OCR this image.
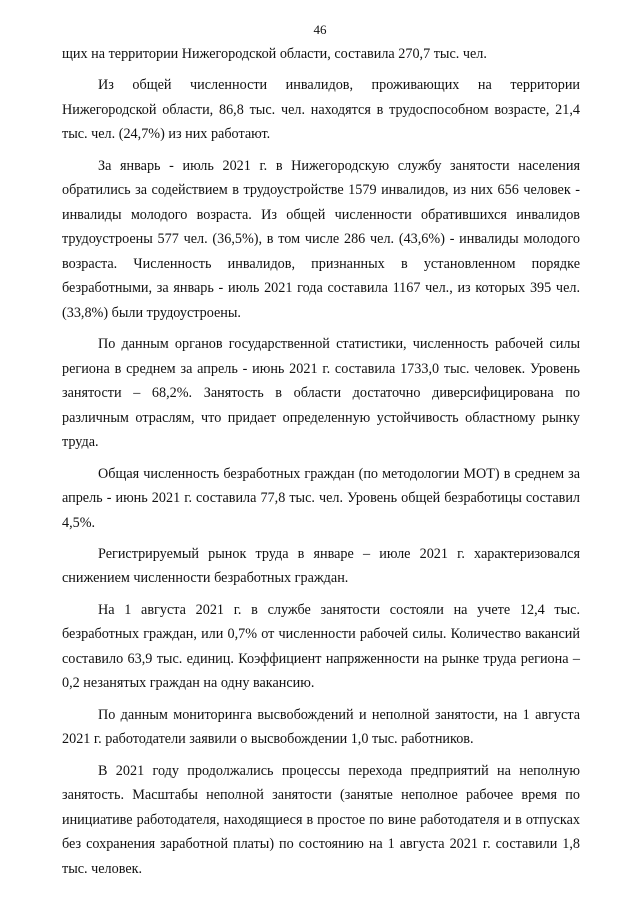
46

щих на территории Нижегородской области, составила 270,7 тыс. чел.

Из общей численности инвалидов, проживающих на территории Нижегородской области, 86,8 тыс. чел. находятся в трудоспособном возрасте, 21,4 тыс. чел. (24,7%) из них работают.

За январь - июль 2021 г. в Нижегородскую службу занятости населения обратились за содействием в трудоустройстве 1579 инвалидов, из них 656 человек - инвалиды молодого возраста. Из общей численности обратившихся инвалидов трудоустроены 577 чел. (36,5%), в том числе 286 чел. (43,6%) - инвалиды молодого возраста. Численность инвалидов, признанных в установленном порядке безработными, за январь - июль 2021 года составила 1167 чел., из которых 395 чел. (33,8%) были трудоустроены.

По данным органов государственной статистики, численность рабочей силы региона в среднем за апрель - июнь 2021 г. составила 1733,0 тыс. человек. Уровень занятости – 68,2%. Занятость в области достаточно диверсифицирована по различным отраслям, что придает определенную устойчивость областному рынку труда.

Общая численность безработных граждан (по методологии МОТ) в среднем за апрель - июнь 2021 г. составила 77,8 тыс. чел. Уровень общей безработицы составил 4,5%.

Регистрируемый рынок труда в январе – июле 2021 г. характеризовался снижением численности безработных граждан.

На 1 августа 2021 г. в службе занятости состояли на учете 12,4 тыс. безработных граждан, или 0,7% от численности рабочей силы. Количество вакансий составило 63,9 тыс. единиц. Коэффициент напряженности на рынке труда региона – 0,2 незанятых граждан на одну вакансию.

По данным мониторинга высвобождений и неполной занятости, на 1 августа 2021 г. работодатели заявили о высвобождении 1,0 тыс. работников.

В 2021 году продолжались процессы перехода предприятий на неполную занятость. Масштабы неполной занятости (занятые неполное рабочее время по инициативе работодателя, находящиеся в простое по вине работодателя и в отпусках без сохранения заработной платы) по состоянию на 1 августа 2021 г. составили 1,8 тыс. человек.
